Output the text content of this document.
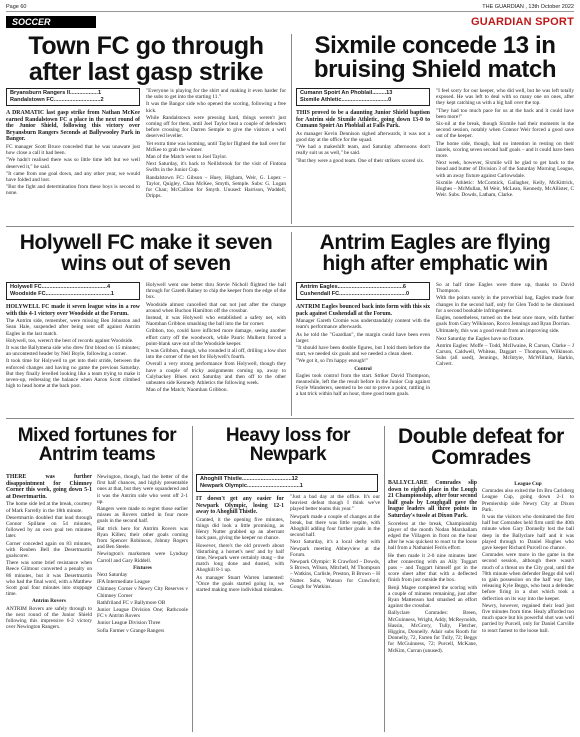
Page 60	THE GUARDIAN , 13th October 2022
SOCCER	GUARDIAN SPORT
Town FC go through after last gasp strike
Bryansburn Rangers II..................1
Randalstown FC..............................2

A DRAMATIC last gasp strike from Nathan McKee earned Randalstown FC a place in the next round of the Junior Shield, following this victory over Bryansburn Rangers Seconds at Ballywooley Park in Bangor.

FC manager Scott Bruce conceded that he was unaware just how close a call it had been.

"We hadn't realised there was so little time left but we well deserved it," he said.

"It came from one goal down, and any other year, we would have folded and lost.

"But the fight and determination from these boys is second to none.

"Everyone is playing for the shirt and making it even harder for the subs to get into the starting 11."

It was the Bangor side who opened the scoring, following a free kick.

While Randalstown were pressing hard, things weren't just coming off for them, until Joel Taylor beat a couple of defenders before crossing for Darren Semple to give the visitors a well deserved leveller.

Yet extra time was looming, until Taylor flighted the ball over for McKee to grab the winner.

Man of the Match went to Joel Taylor.

Next Saturday, it's back to Neillsbrook for the visit of Fintona Swifts in the Junior Cup.

Randalstown FC: Gibson – Huey, Higham, Weir, G. Lopez – Taylor, Quigley, Chan McKee, Smyth, Semple. Subs: G. Logan for Chan; McCallion for Smyth. Unused: Harrison, Waddell, Dripps.

Sixmile concede 13 in bruising Shield match
Cumann Spoirt An Phoblail.........13
Sixmile Athletic..............................0

THIS proved to be a daunting Junior Shield baptism for Antrim side Sixmile Athletic, going down 13-0 to Cumann Spoirt An Phoblail at Falls Park.

As manager Kevin Dennison sighed afterwards, it was not a good day at the office for the squad.

"We had a makeshift team, and Saturday afternoons don't really suit us as well," he said.

"But they were a good team. One of their strikers scored six.

"I feel sorry for our keeper, who did well, but he was left totally exposed. He was left to deal with so many one on ones, after they kept catching us with a big ball over the top.

"They had too much pace for us at the back and it could have been more!"

Six-nil at the break, though Sixmile had their moments in the second session, notably when Connor Weir forced a good save out of the keeper.

The home side, though, had no intention in resting on their laurels, scoring seven second half goals – and it could have been more.

Next week, however, Sixmile will be glad to get back to the bread and butter of Division 3 of the Saturday Morning League, with an away fixture against Carlowsdale.

Sixmile Athletic: McCormick, Gallagher, Kelly, McKittrick, Hughes – McMullan, M Weir, McLean, Kennedy, McAllister, C Weir. Subs. Dowds, Latham, Clarke.

Holywell FC make it seven wins out of seven
Holywell FC..........................................4
Woodside FC..........................................1

HOLYWELL FC made it seven league wins in a row with this 4-1 victory over Woodside at the Forum.

The Antrim side, remember, were missing Ben Johnston and Sean Hale, suspended after being sent off against Antrim Eagles in the last match.

Holywell, too, weren't the best of records against Woodside.

It was the Ballymena side who drew first blood on 15 minutes; an uncontested header by Neil Boyle, following a corner.

It took time for Holywell to get into their stride, between the enforced changes and having no game the previous Saturday. But they finally levelled looking like a team trying to make it seven-up, redressing the balance when Aaron Scott climbed high to head home at the back post.

Holywell went one better thru Stevie Nicholl flighted the ball through for Gareth Rainey to chip the keeper from the edge of the box.

Woodside almost cancelled that out not just after the change around when Buchon Hamilton off the crossbar.

Instead, it was Holywell who established a safety net, with Naomhan Gribbon smashing the ball into the far corner.

Gribbon, too, could have inflicted more damage, seeing another effort carry off the woodwork, while Pauric Mulhern forced a point-blank save out of the Woodside keeper.

It was Gribbon, though, who rounded it all off, drilling a low shot into the corner of the net for Holywell's fourth.

Overall a very strong performance from Holywell, though they have a couple of tricky assignments coming up, away to Culybackey Blues next Saturday and then off to the other unbeaten side Kennedy Athletics the following week.

Man of the Match; Naomhan Gribbon.

Antrim Eagles are flying high after emphatic win
Antrim Eagles..........................................6
Cushendall FC...........................................0

ANTRIM Eagles bounced back into form with this six pack against Cushendall at the Forum.

Manager Gareth Cromie was understandably content with the team's performance afterwards.

As he told the "Guardian", the margin could have been even larger.

"It should have been double figures, but I told them before the start, we needed six goals and we needed a clean sheet.

"We got it, so I'm happy enough!"

Control

Eagles took control from the start. Striker David Thompson, meanwhile, left the the result before in the Junior Cup against Foyle Wanderers, seemed to be out to prove a point, rattling in a hat trick within half an hour, three good team goals.

So at half time Eagles were three up, thanks to David Thompson.

With the points surely in the proverbial bag, Eagles made four changes in the second half, only for Glen Todd to be dismissed for a second bookable infringement.

Eagles, nonetheless, turned on the heat once more, with further goals from Gary Wilkinson, Rocco Jennings and Ryan Dorrian.

Ultimately, this was a good result from an improving side.

Next Saturday the Eagles have no fixture.

Antrim Eagles: Moffe – Todd, McIlwaine, R Carson, Clarke – J Carson, Caldwell, Whiteas, Daggart – Thompson, Wilkinson. Subs (all used), Jennings, McIntyre, McWilliam, Harkin, Calvert.

Mixed fortunes for Antrim teams

THERE was further disappointment for Chimney Corner this week, going down 5-1 at Desertmartin.

The home side led at the break, courtesy of Mark Farrelly in the 18th minute.

Desertmartin doubled that lead through Connor Spillane on 54 minutes, followed by an own goal ten minutes later.

Corner conceded again on 83 minutes, with Reuben Bell the Desertmartin goalscorer.

There was some brief resistance when Reece Gilmour converted a penalty on 86 minutes, but it was Desertmartin who had the final word, with a Matthew Scott goal four minutes into stoppage time.

Antrim Rovers

ANTRIM Rovers are safely through to the next round of the Junior Shield following this impressive 6-2 victory over Newington Rangers.

Newington, though, had the better of the first half chances, and highly presentable ones at that, but they were squandered and it was the Antrim side who went off 2-1 up.

Rangers were made to regret those earlier misses as Rovers rattled in four more goals in the second half.

Hat trick hero for Antrim Rovers was Ryan Killen; their other goals coming from Spencer Robinson, Johnny Rogers and Ben Steele.

Newington's marksmen were Lyndsay Carroll and Gary Riddell.

Fixtures

Next Saturday

IFA Intermediate League

Chimney Corner v Newry City Reserves v Chimney Corner

Rathfriland FC v Ballymore OB

Junior League Division One; Rathcoole FC v Antrim Rovers

Junior League Division Three

Sofia Farmer v Grange Rangers

Heavy loss for Newpark
Ahoghill Thistle................................12
Newpark Olympic..................................1

IT doesn't get any easier for Newpark Olympic, losing 12-1 away to Ahoghill Thistle.

Granted, it the opening five minutes, things did look a little promising, as Henry Nutter grabbed up an aberrant back pass, giving the keeper no chance.

However, there's the old proverb about 'disturbing a hornet's nest' and by half time, Newpark were certainly stung – the match long done and dusted, with Ahoghill 8-1 up.

As manager Stuart Warren lamented: "Once the goals started going in, we started making more individual mistakes.

"Just a bad day at the office. It's our heaviest defeat though I think we've played better teams this year."

Newpark made a couple of changes at the break, but there was little respite, with Ahoghill adding four further goals in the second half.

Next Saturday, it's a local derby with Newpark meeting Abbeyview at the Forum.

Newpark Olympic: R Crawford – Dowds, S Brown, Wilson, Mitchell, M Thompson – Watkins, Carlisle, Preston, B Brown – H Nutter. Subs, Watson for Crawford; Gough for Watkins.

Double defeat for Comrades

BALLYCLARE Comrades slip down to eighth place in the Lough 21 Championship, after four second half goals by Loughgall gave the league leaders all three points in Saturday's tussle at Dixon Park.

Scoreless at the break, Championship player of the month Nodan Marshallam edged the Villagers in front on the hour after he was quickest to react to the loose ball from a Nathaniel Ferris effort.

He then made it 2-0 nine minutes later after connecting with an Ally Toggart pass – and Toggart himself got in the score sheet after that with a deflected finish from just outside the box.

Benji Magee completed the scoring with a couple of minutes remaining, just after Ryan Mattenson had smashed an effort against the crossbar.

Ballyclare Comrades: Breen, McGuinness, Wright, Addy, McReynolds, Hassin, McGrory, Tully, Fletcher, Higgins, Donnelly. Adair subs Rooth for Donnelly, 72, Farren for Tully, 72; Beggs for McGuinness, 72; Purcell, McKane, McKim, Curran (unused).

League Cup

Comrades also exited the Irn Bru Carlsberg League Cup, going down 2-1 to Premiership side Newry City at Dixon Park.

It was the visitors who dominated the first half but Comrades held firm until the 40th minute when Gary Donnelly lost the ball deep in the Ballyclare half and it was played through to Daniel Hughes who gave keeper Richard Purcell no chance.

Comrades were more in the game in the second session, although there wasn't much of a threat on the City goal, until the 70th minute when defender Beggs did well to gain possession on the half way line, releasing Kyle Beggs, who beat a defender before firing in a shot which took a deflection on its way into the keeper.

Newry, however, regained their lead just five minutes from time. Healy afforded too much space but his powerful shot was well parried by Purcell, only for Daniel Carville to react fastest to the loose ball.
